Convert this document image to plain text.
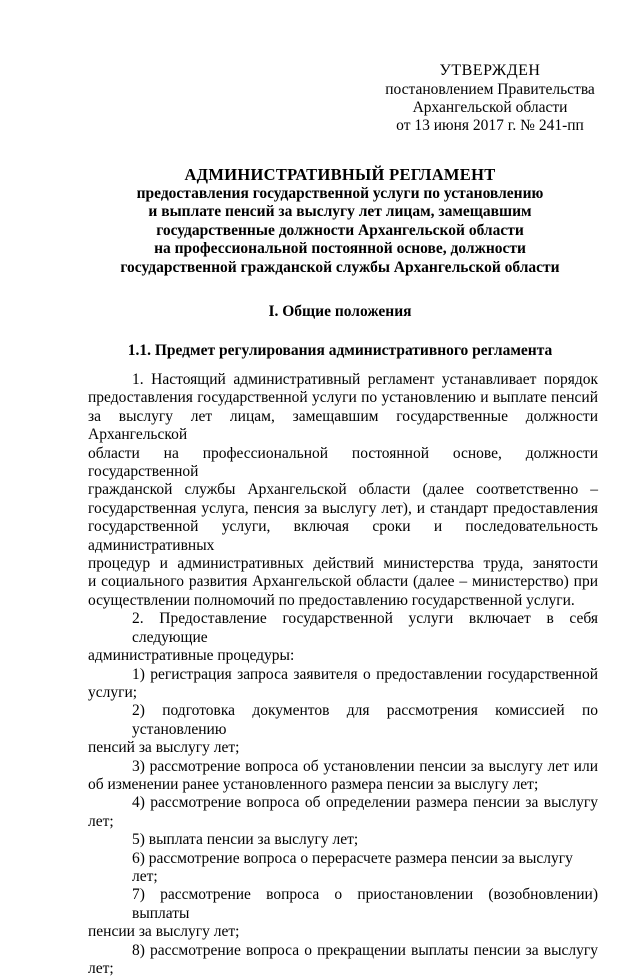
УТВЕРЖДЕН
постановлением Правительства
Архангельской области
от 13 июня 2017 г. № 241-пп
АДМИНИСТРАТИВНЫЙ РЕГЛАМЕНТ
предоставления государственной услуги по установлению
и выплате пенсий за выслугу лет лицам, замещавшим
государственные должности Архангельской области
на профессиональной постоянной основе, должности
государственной гражданской службы Архангельской области
I. Общие положения
1.1. Предмет регулирования административного регламента
1. Настоящий административный регламент устанавливает порядок
предоставления государственной услуги по установлению и выплате пенсий
за выслугу лет лицам, замещавшим государственные должности Архангельской
области на профессиональной постоянной основе, должности государственной
гражданской службы Архангельской области (далее соответственно –
государственная услуга, пенсия за выслугу лет), и стандарт предоставления
государственной услуги, включая сроки и последовательность административных
процедур и административных действий министерства труда, занятости
и социального развития Архангельской области (далее – министерство) при
осуществлении полномочий по предоставлению государственной услуги.
2. Предоставление государственной услуги включает в себя следующие
административные процедуры:
1) регистрация запроса заявителя о предоставлении государственной
услуги;
2) подготовка документов для рассмотрения комиссией по установлению
пенсий за выслугу лет;
3) рассмотрение вопроса об установлении пенсии за выслугу лет или
об изменении ранее установленного размера пенсии за выслугу лет;
4) рассмотрение вопроса об определении размера пенсии за выслугу
лет;
5) выплата пенсии за выслугу лет;
6) рассмотрение вопроса о перерасчете размера пенсии за выслугу лет;
7) рассмотрение вопроса о приостановлении (возобновлении) выплаты
пенсии за выслугу лет;
8) рассмотрение вопроса о прекращении выплаты пенсии за выслугу
лет;
